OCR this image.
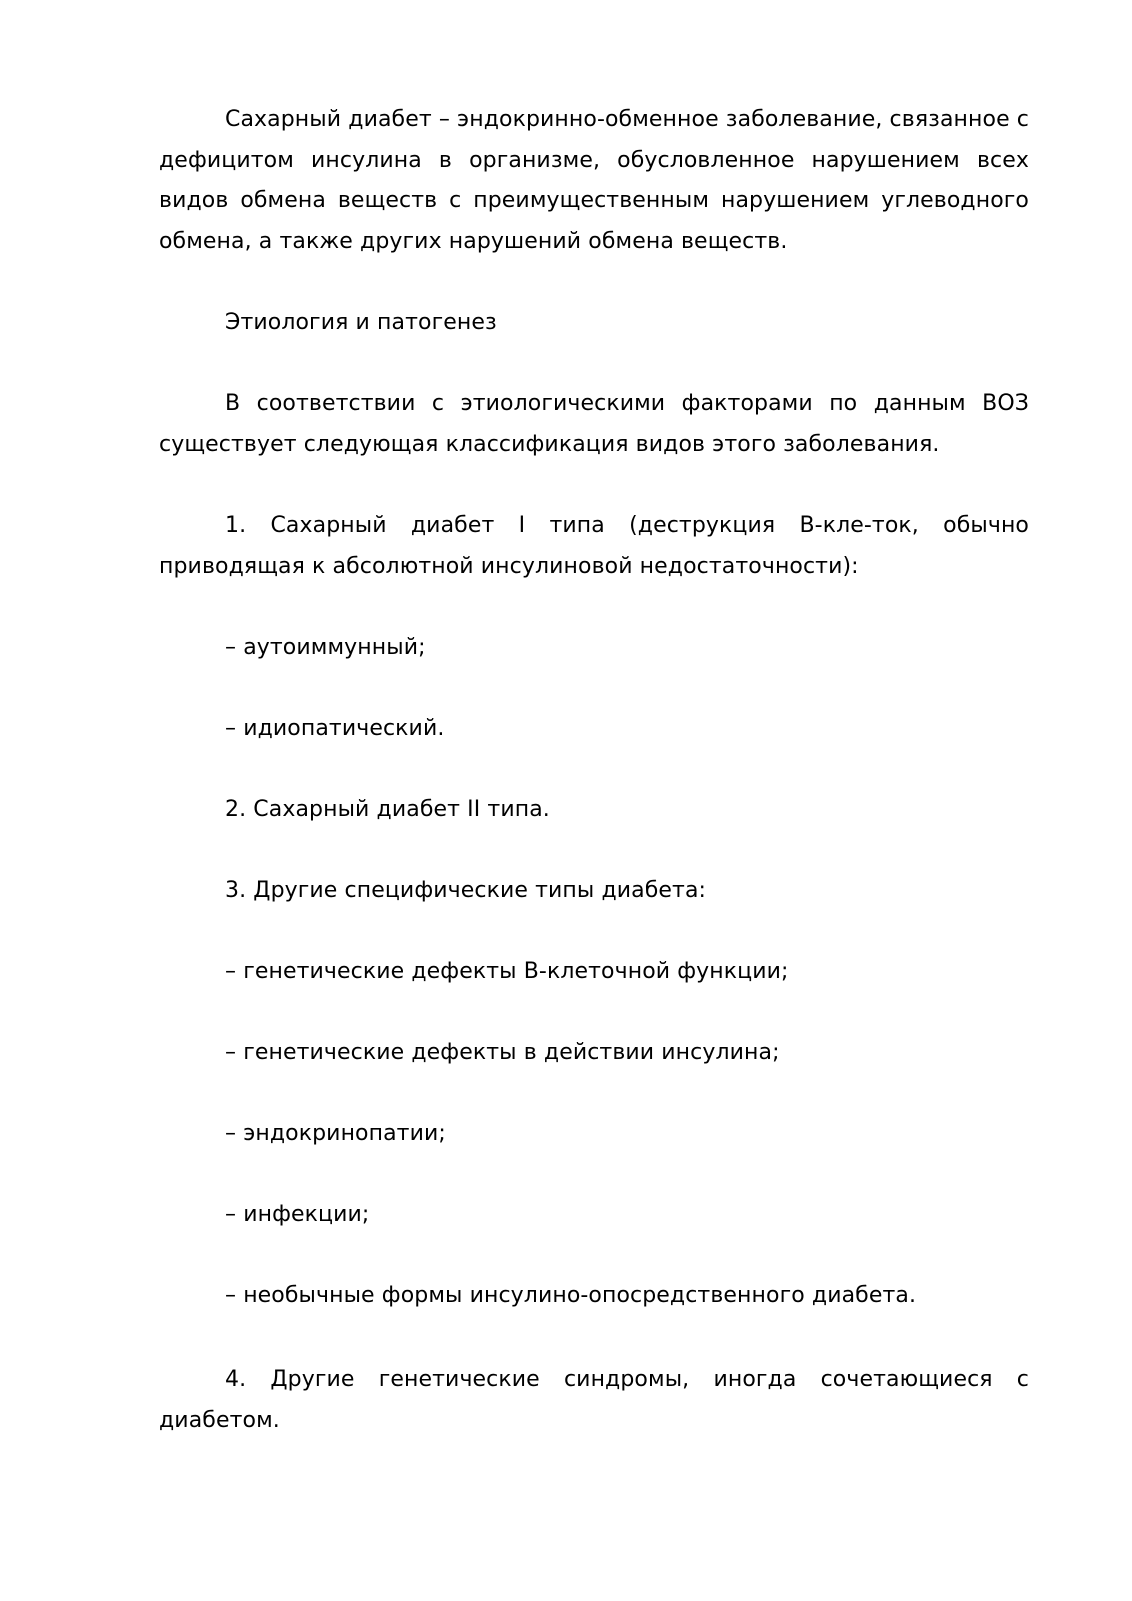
Сахарный диабет – эндокринно-обменное заболевание, связанное с дефицитом инсулина в организме, обусловленное нарушением всех видов обмена веществ с преимущественным нарушением углеводного обмена, а также других нарушений обмена веществ.

Этиология и патогенез

В соответствии с этиологическими факторами по данным ВОЗ существует следующая классификация видов этого заболевания.

1. Сахарный диабет I типа (деструкция В-кле-ток, обычно приводящая к абсолютной инсулиновой недостаточности):

– аутоиммунный;

– идиопатический.

2. Сахарный диабет II типа.

3. Другие специфические типы диабета:

– генетические дефекты В-клеточной функции;

– генетические дефекты в действии инсулина;

– эндокринопатии;

– инфекции;

– необычные формы инсулино-опосредственного диабета.

4. Другие генетические синдромы, иногда сочетающиеся с диабетом.
